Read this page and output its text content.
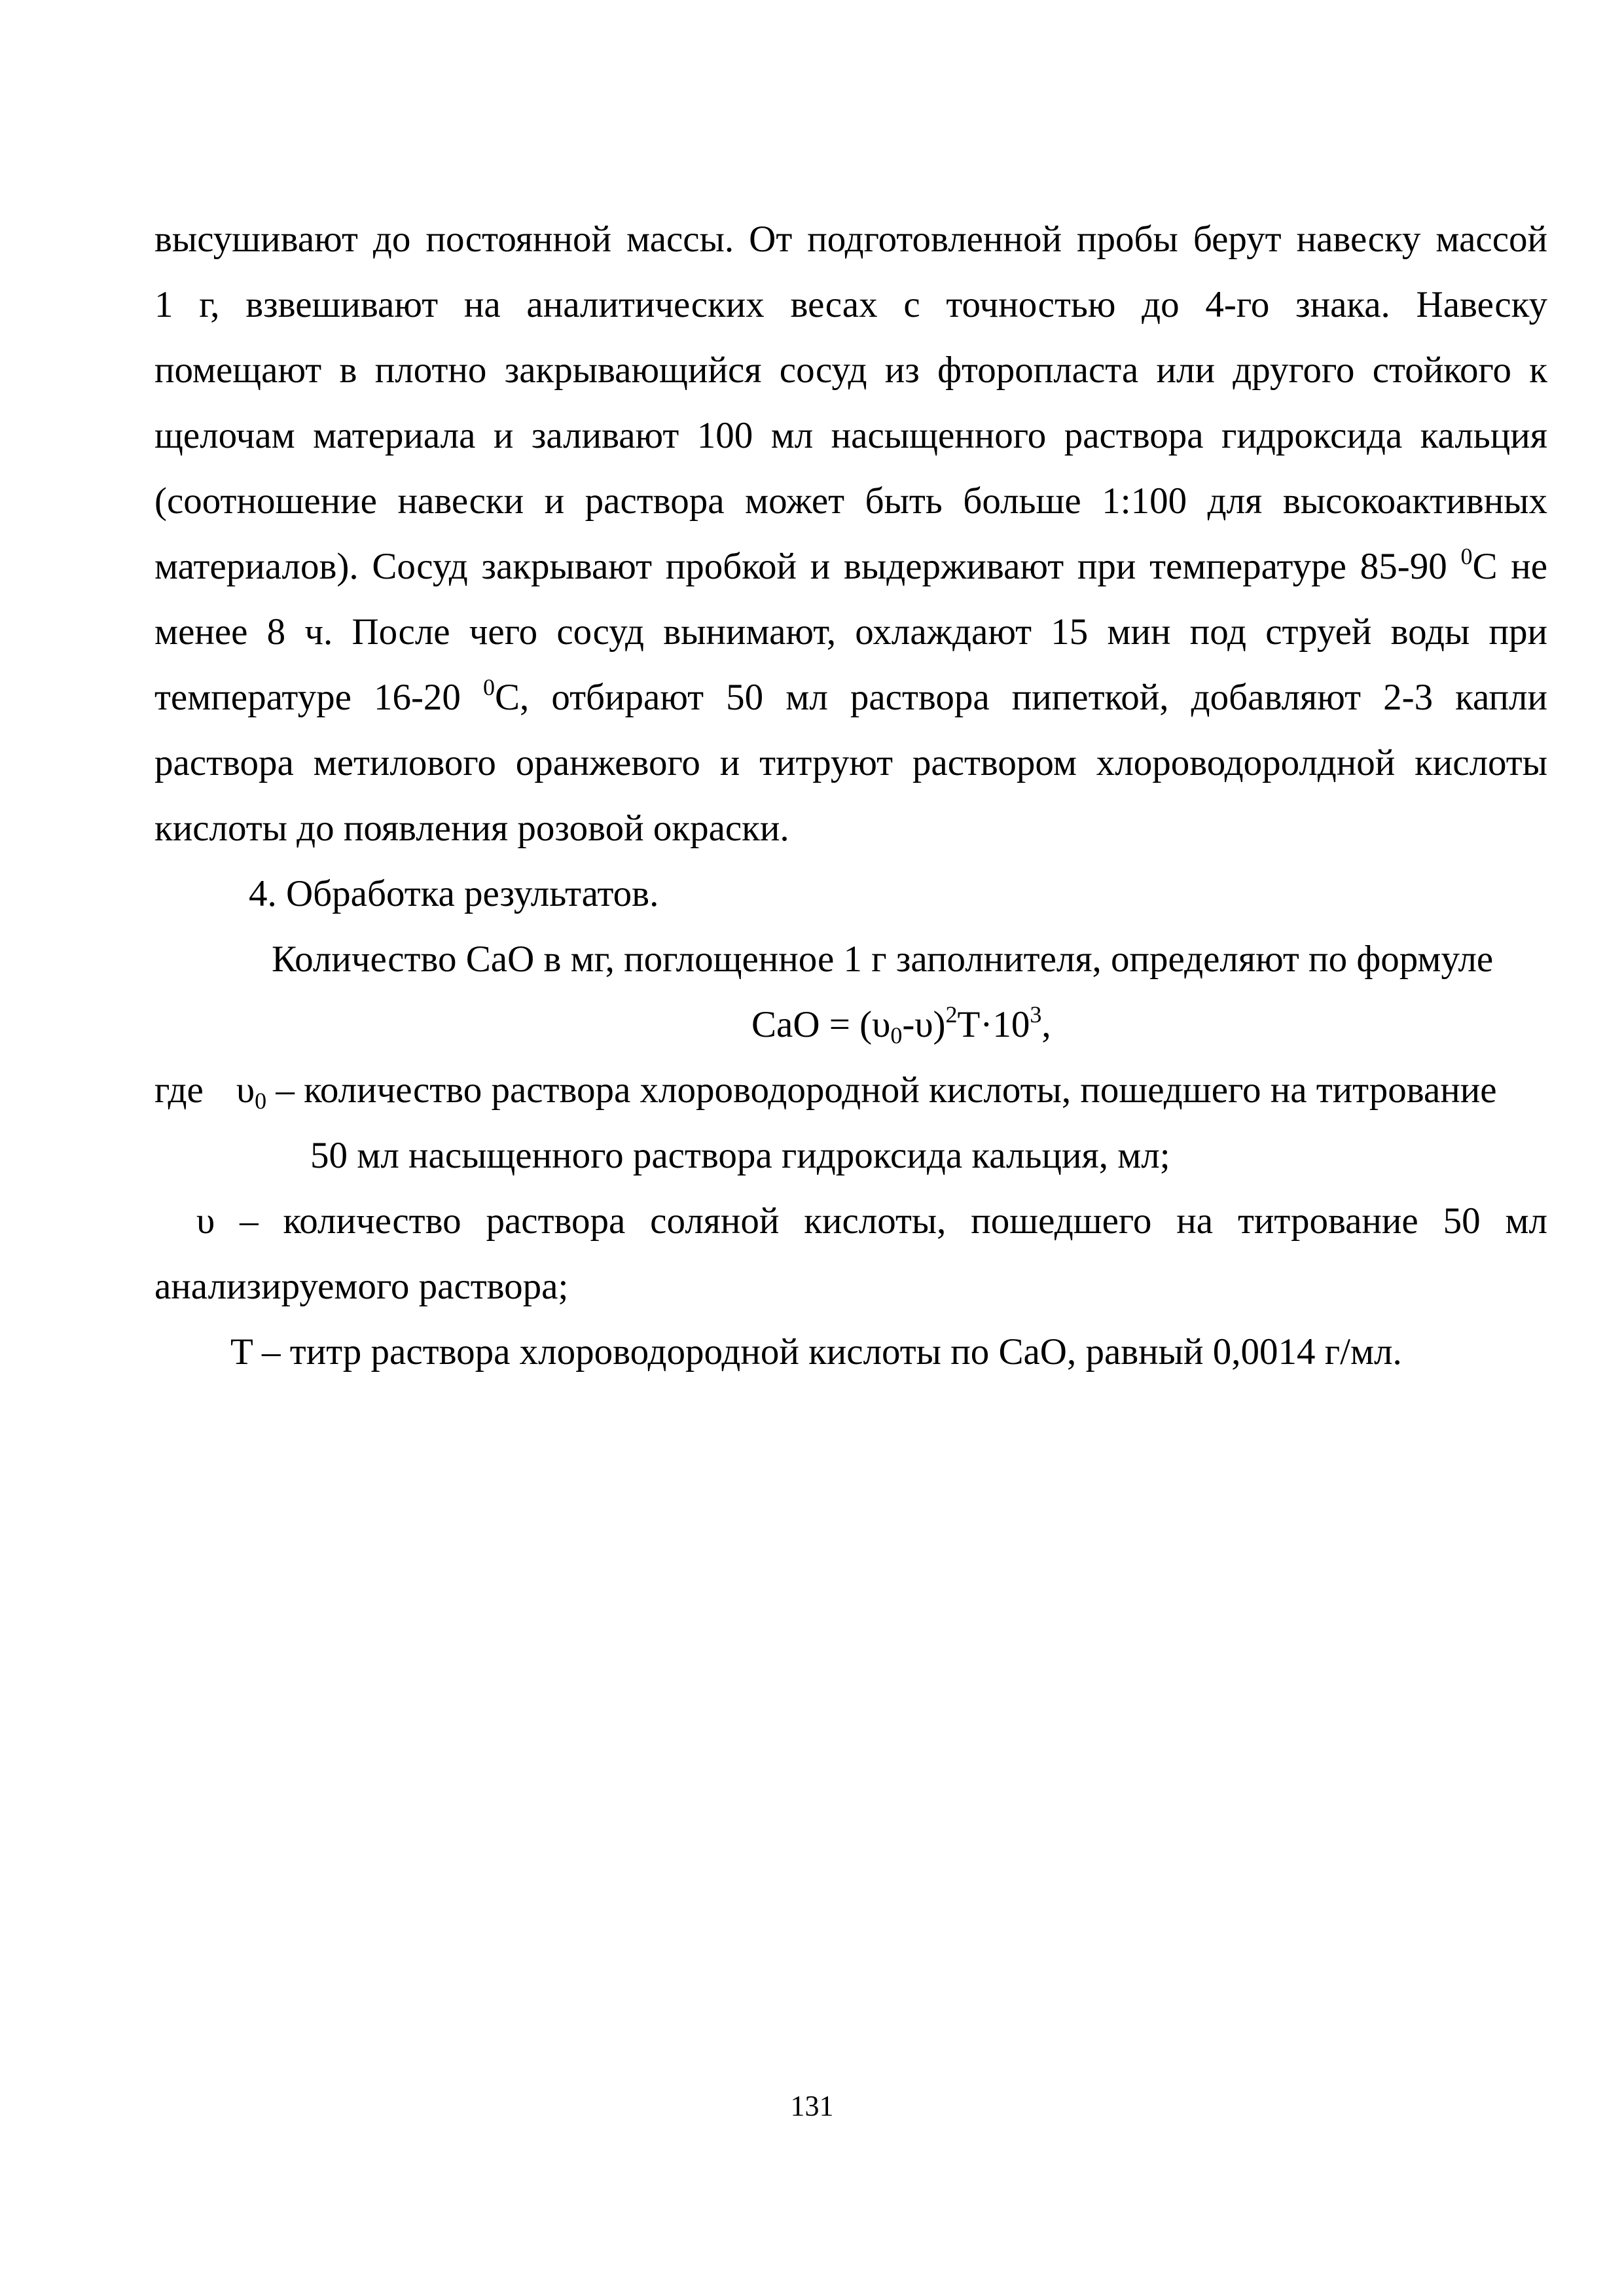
высушивают до постоянной массы. От подготовленной пробы берут навеску массой
1 г, взвешивают на аналитических весах с точностью до 4-го знака. Навеску
помещают в плотно закрывающийся сосуд из фторопласта или другого стойкого к
щелочам материала и заливают 100 мл насыщенного раствора гидроксида кальция
(соотношение навески и раствора может быть больше 1:100 для высокоактивных
материалов). Сосуд закрывают пробкой и выдерживают при температуре 85-90 $^0$С не
менее 8 ч. После чего сосуд вынимают, охлаждают 15 мин под струей воды при
температуре 16-20 $^0$С, отбирают 50 мл раствора пипеткой, добавляют 2-3 капли
раствора метилового оранжевого и титруют раствором хлороводоролдной кислоты
кислоты до появления розовой окраски.
4. Обработка результатов.
Количество CaO в мг, поглощенное 1 г заполнителя, определяют по формуле
CaO = $(\upsilon_0-\upsilon)^2T\cdot 10^3$,
где $\upsilon_0$ – количество раствора хлороводородной кислоты, пошедшего на титрование
50 мл насыщенного раствора гидроксида кальция, мл;
υ – количество раствора соляной кислоты, пошедшего на титрование 50 мл
анализируемого раствора;
T – титр раствора хлороводородной кислоты по CaO, равный 0,0014 г/мл.
131
